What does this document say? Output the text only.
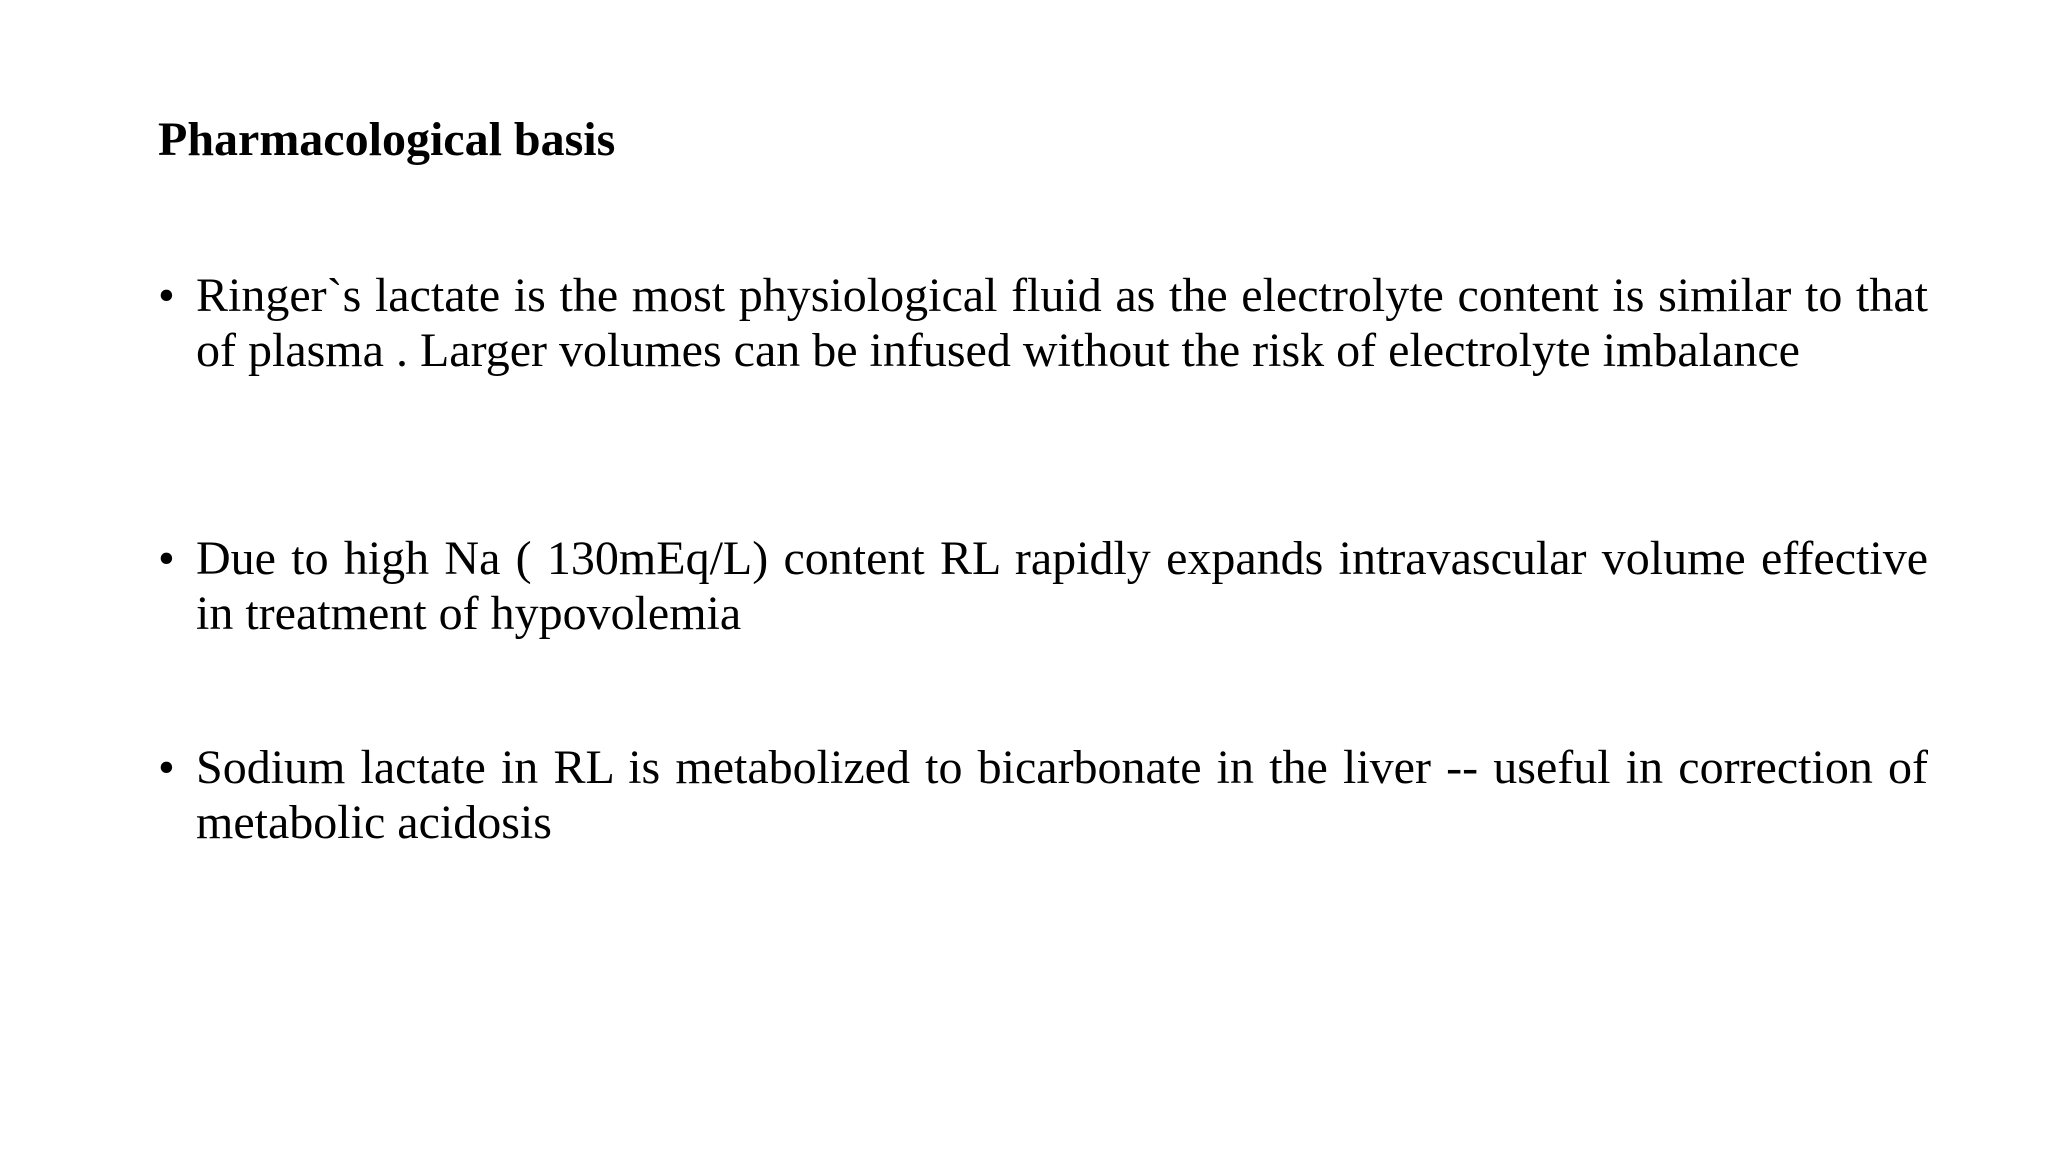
Pharmacological basis
• Ringer`s lactate is the most physiological fluid as the electrolyte content is similar to that of plasma . Larger volumes can be infused without the risk of electrolyte imbalance
• Due to high Na ( 130mEq/L) content RL rapidly expands intravascular volume effective in treatment of hypovolemia
• Sodium lactate in RL is metabolized to bicarbonate in the liver -- useful in correction of metabolic acidosis
